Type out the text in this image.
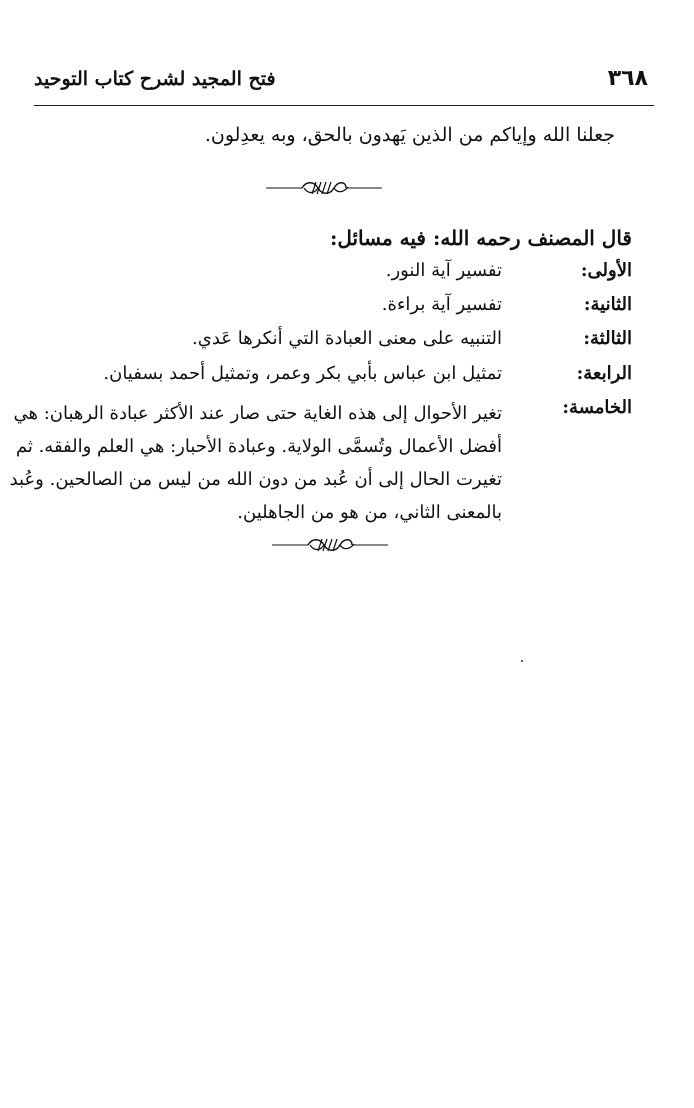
٣٦٨
فتح المجيد لشرح كتاب التوحيد
جعلنا الله وإياكم من الذين يَهدون بالحق، وبه يعدِلون.
قال المصنف رحمه الله: فيه مسائل:
الأولى:
تفسير آية النور.
الثانية:
تفسير آية براءة.
الثالثة:
التنبيه على معنى العبادة التي أنكرها عَدي.
الرابعة:
تمثيل ابن عباس بأبي بكر وعمر، وتمثيل أحمد بسفيان.
الخامسة:
تغير الأحوال إلى هذه الغاية حتى صار عند الأكثر عبادة الرهبان: هي
أفضل الأعمال وتُسمَّى الولاية. وعبادة الأحبار: هي العلم والفقه. ثم
تغيرت الحال إلى أن عُبد من دون الله من ليس من الصالحين. وعُبد
بالمعنى الثاني، من هو من الجاهلين.
